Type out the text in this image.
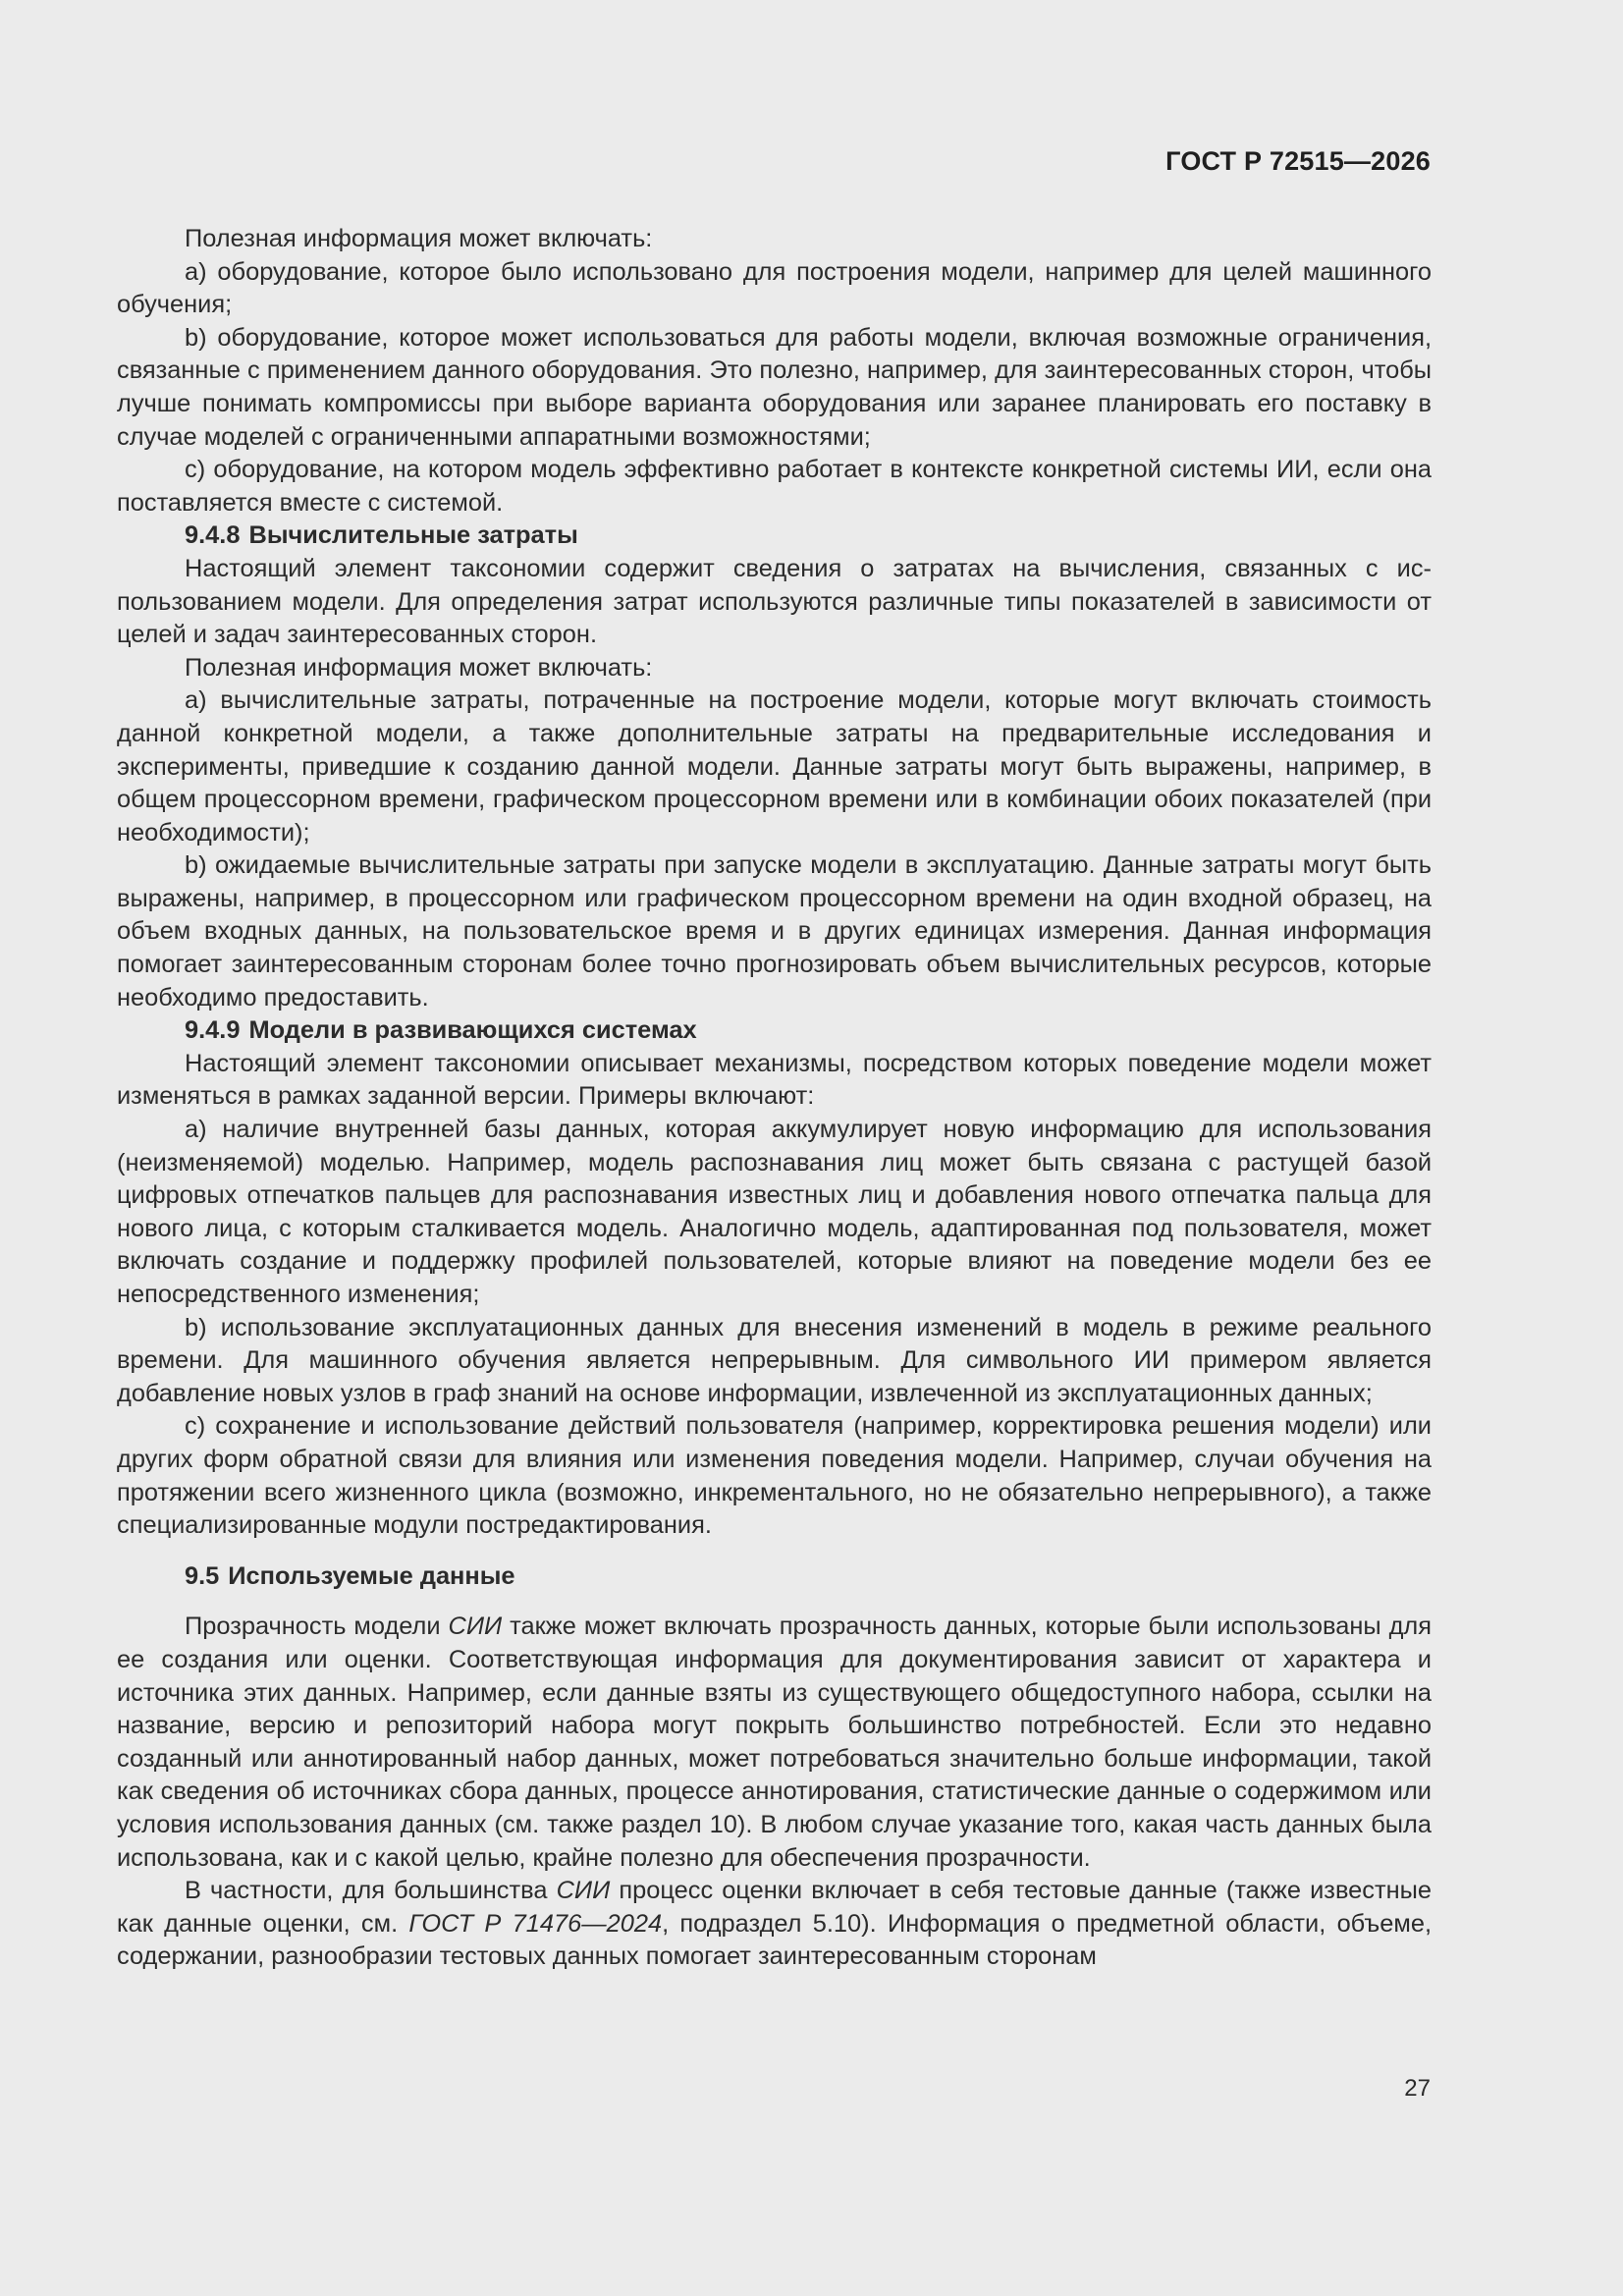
ГОСТ Р 72515—2026

Полезная информация может включать:

a) оборудование, которое было использовано для построения модели, например для целей машинного обучения;

b) оборудование, которое может использоваться для работы модели, включая возможные ограничения, связанные с применением данного оборудования. Это полезно, например, для заинтересованных сторон, чтобы лучше понимать компромиссы при выборе варианта оборудования или заранее планировать его поставку в случае моделей с ограниченными аппаратными возможностями;

c) оборудование, на котором модель эффективно работает в контексте конкретной системы ИИ, если она поставляется вместе с системой.

9.4.8 Вычислительные затраты

Настоящий элемент таксономии содержит сведения о затратах на вычисления, связанных с использованием модели. Для определения затрат используются различные типы показателей в зависимости от целей и задач заинтересованных сторон.

Полезная информация может включать:

a) вычислительные затраты, потраченные на построение модели, которые могут включать стоимость данной конкретной модели, а также дополнительные затраты на предварительные исследования и эксперименты, приведшие к созданию данной модели. Данные затраты могут быть выражены, например, в общем процессорном времени, графическом процессорном времени или в комбинации обоих показателей (при необходимости);

b) ожидаемые вычислительные затраты при запуске модели в эксплуатацию. Данные затраты могут быть выражены, например, в процессорном или графическом процессорном времени на один входной образец, на объем входных данных, на пользовательское время и в других единицах измерения. Данная информация помогает заинтересованным сторонам более точно прогнозировать объем вычислительных ресурсов, которые необходимо предоставить.

9.4.9 Модели в развивающихся системах

Настоящий элемент таксономии описывает механизмы, посредством которых поведение модели может изменяться в рамках заданной версии. Примеры включают:

a) наличие внутренней базы данных, которая аккумулирует новую информацию для использования (неизменяемой) моделью. Например, модель распознавания лиц может быть связана с растущей базой цифровых отпечатков пальцев для распознавания известных лиц и добавления нового отпечатка пальца для нового лица, с которым сталкивается модель. Аналогично модель, адаптированная под пользователя, может включать создание и поддержку профилей пользователей, которые влияют на поведение модели без ее непосредственного изменения;

b) использование эксплуатационных данных для внесения изменений в модель в режиме реального времени. Для машинного обучения является непрерывным. Для символьного ИИ примером является добавление новых узлов в граф знаний на основе информации, извлеченной из эксплуатационных данных;

c) сохранение и использование действий пользователя (например, корректировка решения модели) или других форм обратной связи для влияния или изменения поведения модели. Например, случаи обучения на протяжении всего жизненного цикла (возможно, инкрементального, но не обязательно непрерывного), а также специализированные модули постредактирования.

9.5 Используемые данные

Прозрачность модели СИИ также может включать прозрачность данных, которые были использованы для ее создания или оценки. Соответствующая информация для документирования зависит от характера и источника этих данных. Например, если данные взяты из существующего общедоступного набора, ссылки на название, версию и репозиторий набора могут покрыть большинство потребностей. Если это недавно созданный или аннотированный набор данных, может потребоваться значительно больше информации, такой как сведения об источниках сбора данных, процессе аннотирования, статистические данные о содержимом или условия использования данных (см. также раздел 10). В любом случае указание того, какая часть данных была использована, как и с какой целью, крайне полезно для обеспечения прозрачности.

В частности, для большинства СИИ процесс оценки включает в себя тестовые данные (также известные как данные оценки, см. ГОСТ Р 71476—2024, подраздел 5.10). Информация о предметной области, объеме, содержании, разнообразии тестовых данных помогает заинтересованным сторонам

27
